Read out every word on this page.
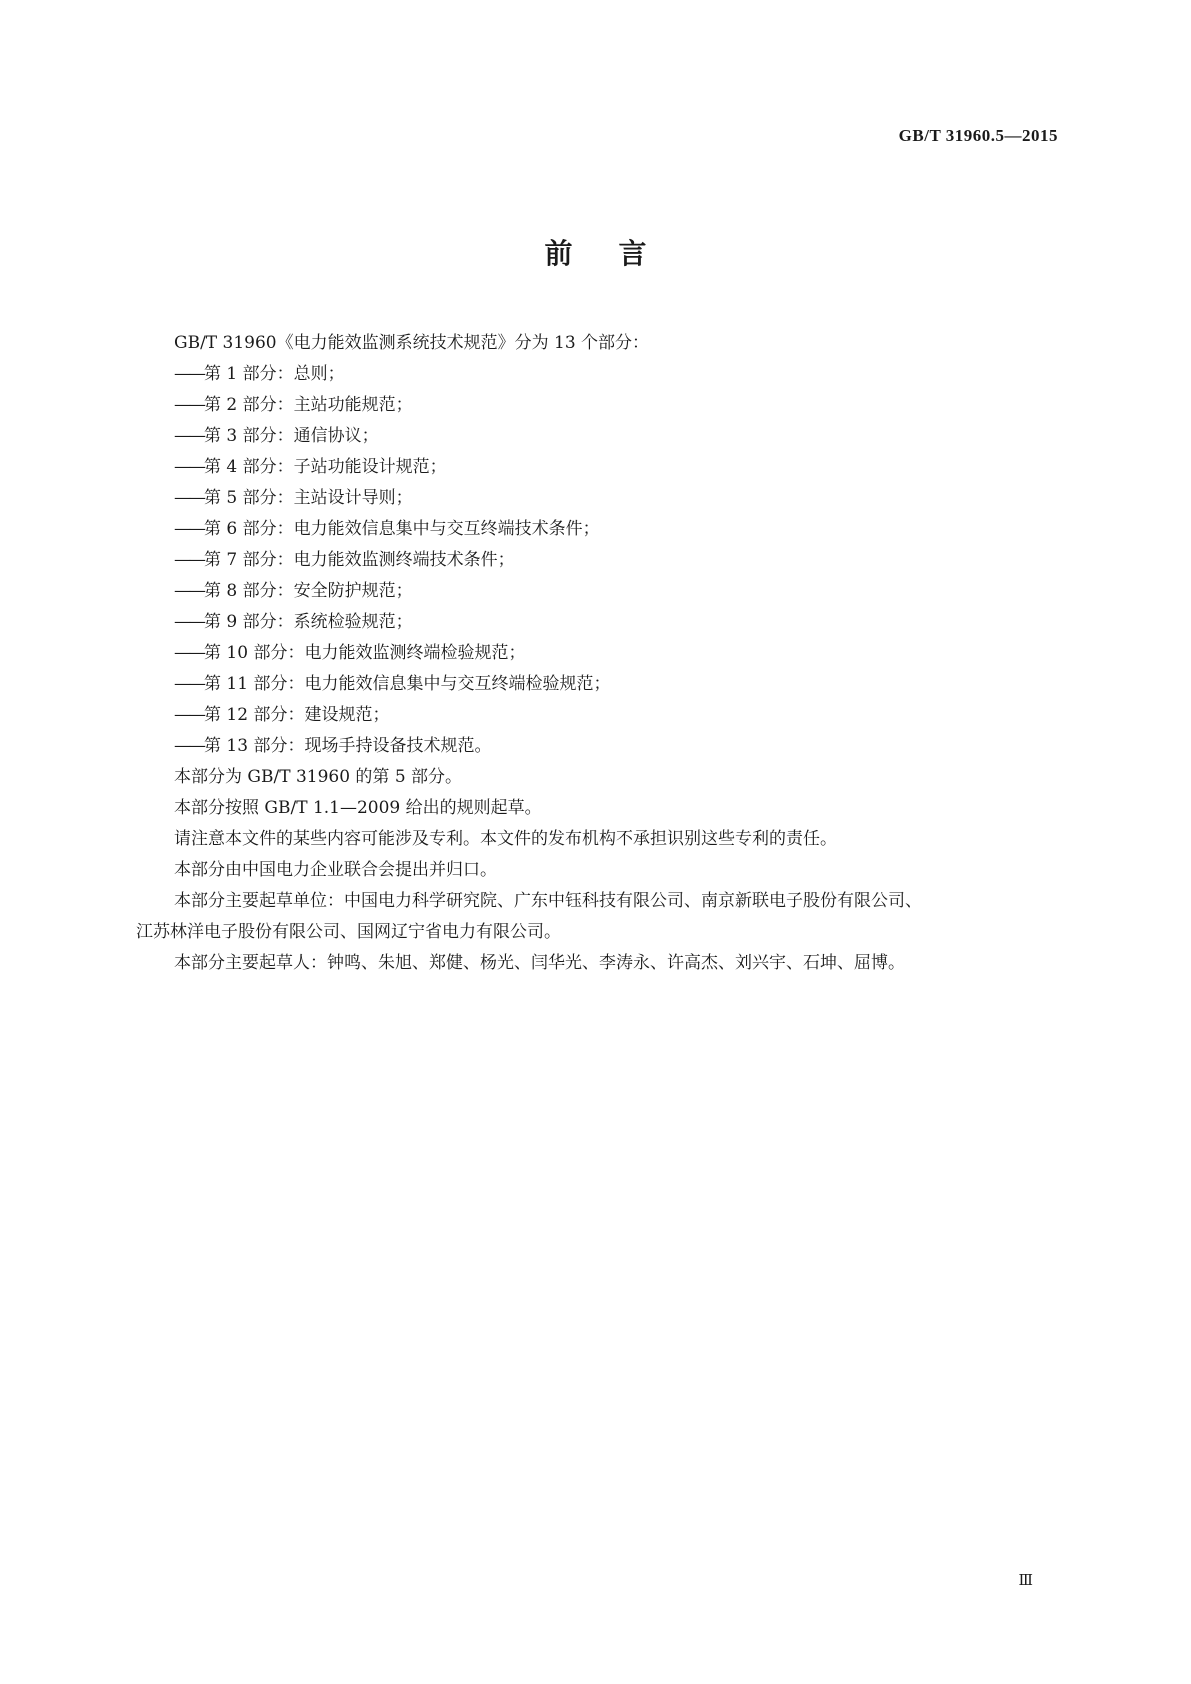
GB/T 31960.5—2015
前言

GB/T 31960《电力能效监测系统技术规范》分为 13 个部分：

——第 1 部分：总则；

——第 2 部分：主站功能规范；

——第 3 部分：通信协议；

——第 4 部分：子站功能设计规范；

——第 5 部分：主站设计导则；

——第 6 部分：电力能效信息集中与交互终端技术条件；

——第 7 部分：电力能效监测终端技术条件；

——第 8 部分：安全防护规范；

——第 9 部分：系统检验规范；

——第 10 部分：电力能效监测终端检验规范；

——第 11 部分：电力能效信息集中与交互终端检验规范；

——第 12 部分：建设规范；

——第 13 部分：现场手持设备技术规范。

本部分为 GB/T 31960 的第 5 部分。

本部分按照 GB/T 1.1—2009 给出的规则起草。

请注意本文件的某些内容可能涉及专利。本文件的发布机构不承担识别这些专利的责任。

本部分由中国电力企业联合会提出并归口。

本部分主要起草单位：中国电力科学研究院、广东中钰科技有限公司、南京新联电子股份有限公司、

江苏林洋电子股份有限公司、国网辽宁省电力有限公司。

本部分主要起草人：钟鸣、朱旭、郑健、杨光、闫华光、李涛永、许高杰、刘兴宇、石坤、屈博。

Ⅲ
